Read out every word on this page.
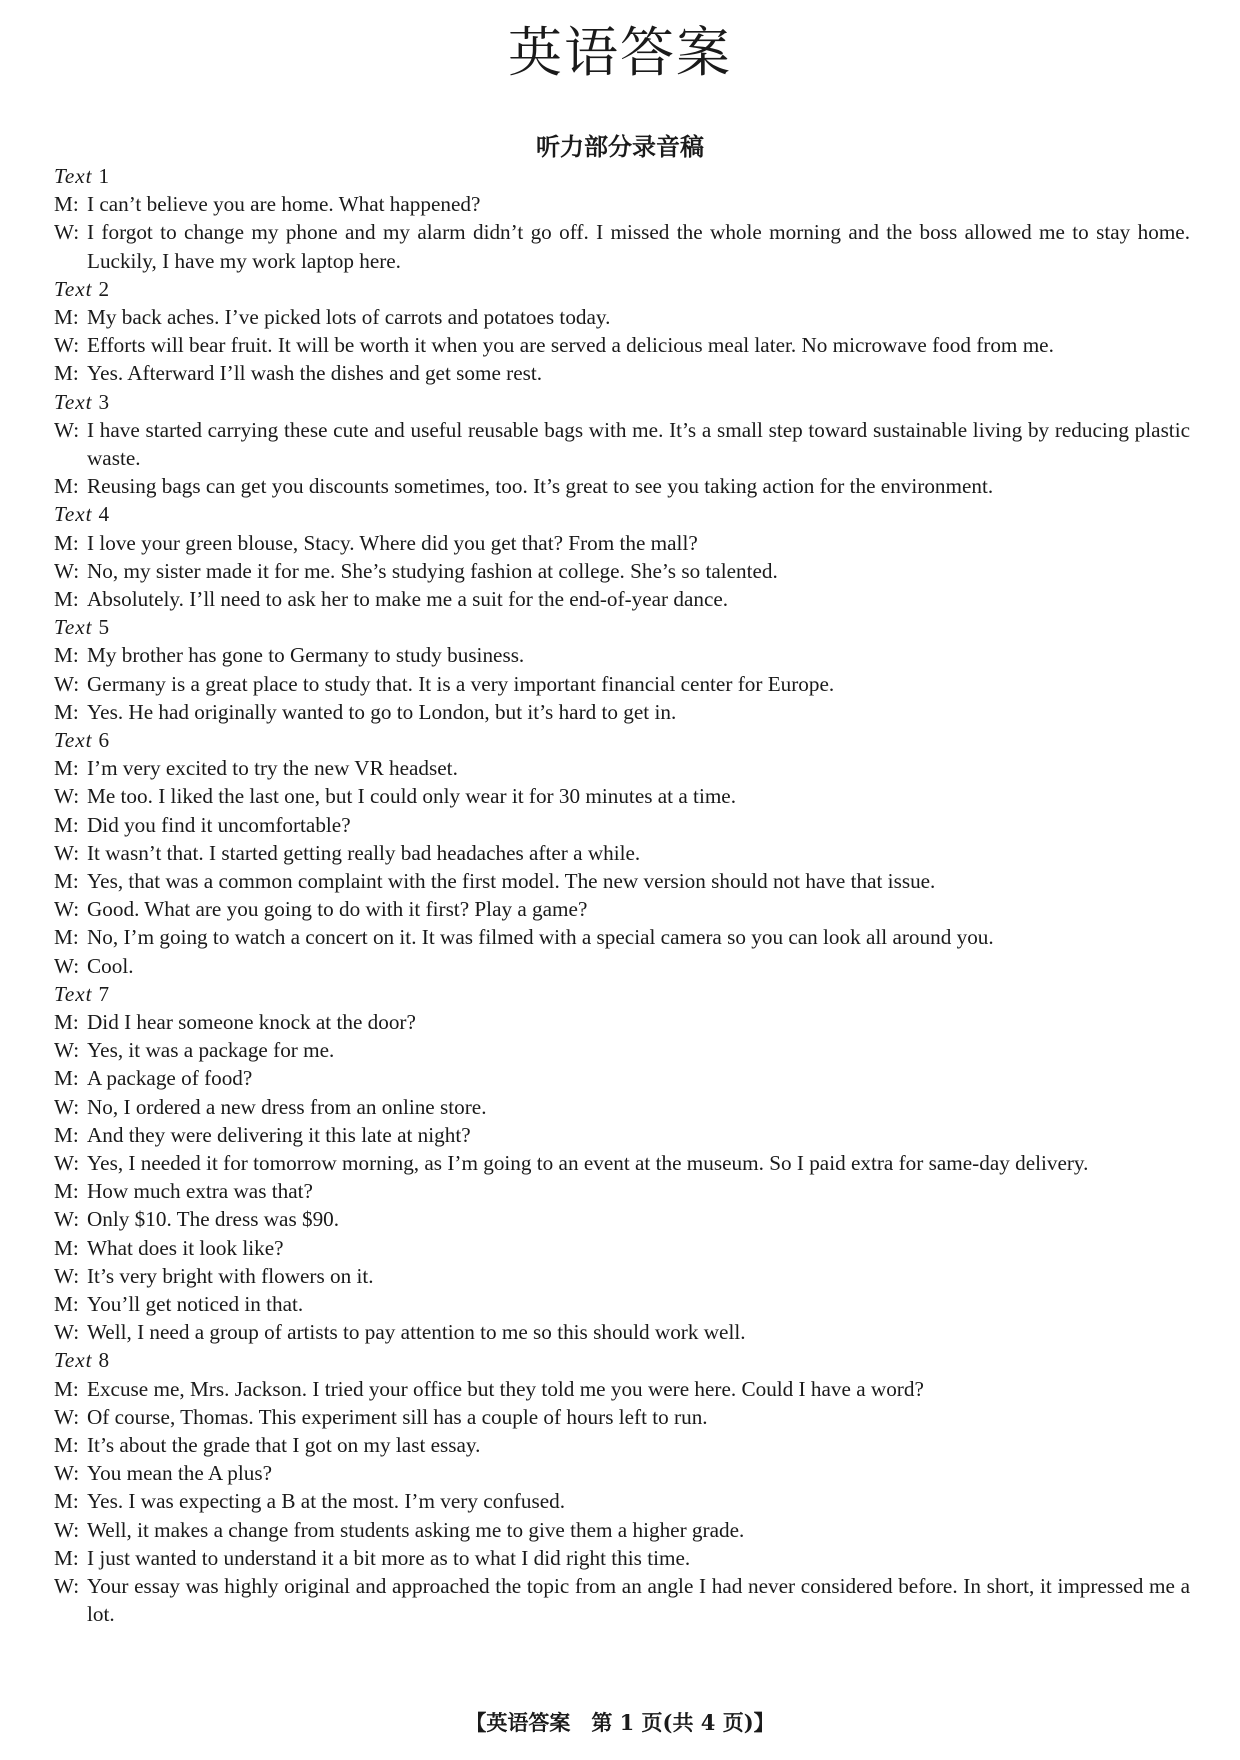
英语答案
听力部分录音稿
Text 1
M: I can’t believe you are home. What happened?
W: I forgot to change my phone and my alarm didn’t go off. I missed the whole morning and the boss allowed me to stay home. Luckily, I have my work laptop here.
Text 2
M: My back aches. I’ve picked lots of carrots and potatoes today.
W: Efforts will bear fruit. It will be worth it when you are served a delicious meal later. No microwave food from me.
M: Yes. Afterward I’ll wash the dishes and get some rest.
Text 3
W: I have started carrying these cute and useful reusable bags with me. It’s a small step toward sustainable living by reducing plastic waste.
M: Reusing bags can get you discounts sometimes, too. It’s great to see you taking action for the environment.
Text 4
M: I love your green blouse, Stacy. Where did you get that? From the mall?
W: No, my sister made it for me. She’s studying fashion at college. She’s so talented.
M: Absolutely. I’ll need to ask her to make me a suit for the end-of-year dance.
Text 5
M: My brother has gone to Germany to study business.
W: Germany is a great place to study that. It is a very important financial center for Europe.
M: Yes. He had originally wanted to go to London, but it’s hard to get in.
Text 6
M: I’m very excited to try the new VR headset.
W: Me too. I liked the last one, but I could only wear it for 30 minutes at a time.
M: Did you find it uncomfortable?
W: It wasn’t that. I started getting really bad headaches after a while.
M: Yes, that was a common complaint with the first model. The new version should not have that issue.
W: Good. What are you going to do with it first? Play a game?
M: No, I’m going to watch a concert on it. It was filmed with a special camera so you can look all around you.
W: Cool.
Text 7
M: Did I hear someone knock at the door?
W: Yes, it was a package for me.
M: A package of food?
W: No, I ordered a new dress from an online store.
M: And they were delivering it this late at night?
W: Yes, I needed it for tomorrow morning, as I’m going to an event at the museum. So I paid extra for same-day delivery.
M: How much extra was that?
W: Only $10. The dress was $90.
M: What does it look like?
W: It’s very bright with flowers on it.
M: You’ll get noticed in that.
W: Well, I need a group of artists to pay attention to me so this should work well.
Text 8
M: Excuse me, Mrs. Jackson. I tried your office but they told me you were here. Could I have a word?
W: Of course, Thomas. This experiment sill has a couple of hours left to run.
M: It’s about the grade that I got on my last essay.
W: You mean the A plus?
M: Yes. I was expecting a B at the most. I’m very confused.
W: Well, it makes a change from students asking me to give them a higher grade.
M: I just wanted to understand it a bit more as to what I did right this time.
W: Your essay was highly original and approached the topic from an angle I had never considered before. In short, it impressed me a lot.
【英语答案　第 1 页(共 4 页)】
